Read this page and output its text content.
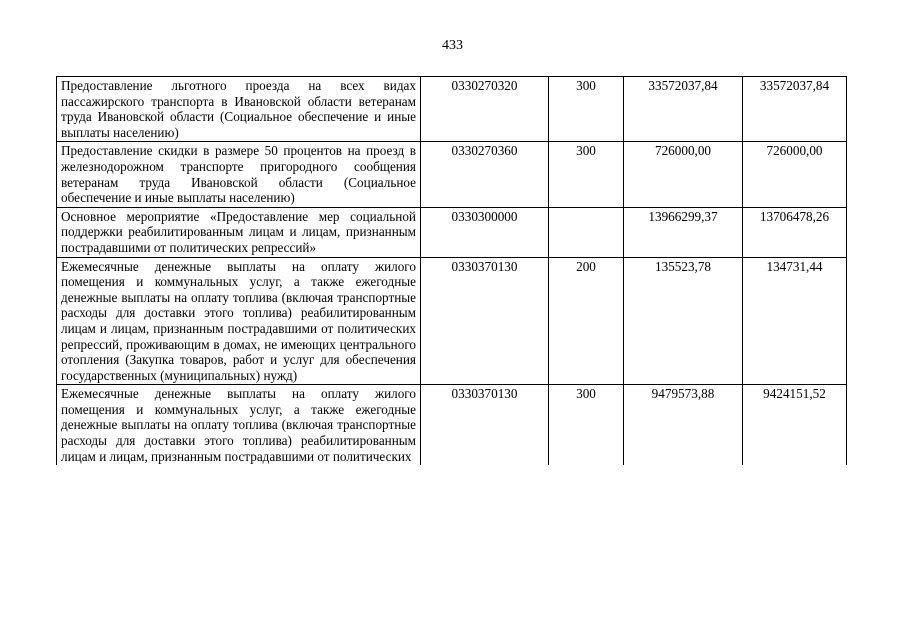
433
Предоставление льготного проезда на всех видах пассажирского транспорта в Ивановской области ветеранам труда Ивановской области (Социальное обеспечение и иные выплаты населению)	0330270320	300	33572037,84	33572037,84
Предоставление скидки в размере 50 процентов на проезд в железнодорожном транспорте пригородного сообщения ветеранам труда Ивановской области (Социальное обеспечение и иные выплаты населению)	0330270360	300	726000,00	726000,00
Основное мероприятие «Предоставление мер социальной поддержки реабилитированным лицам и лицам, признанным пострадавшими от политических репрессий»	0330300000		13966299,37	13706478,26
Ежемесячные денежные выплаты на оплату жилого помещения и коммунальных услуг, а также ежегодные денежные выплаты на оплату топлива (включая транспортные расходы для доставки этого топлива) реабилитированным лицам и лицам, признанным пострадавшими от политических репрессий, проживающим в домах, не имеющих центрального отопления (Закупка товаров, работ и услуг для обеспечения государственных (муниципальных) нужд)	0330370130	200	135523,78	134731,44
Ежемесячные денежные выплаты на оплату жилого помещения и коммунальных услуг, а также ежегодные денежные выплаты на оплату топлива (включая транспортные расходы для доставки этого топлива) реабилитированным лицам и лицам, признанным пострадавшими от политических	0330370130	300	9479573,88	9424151,52
